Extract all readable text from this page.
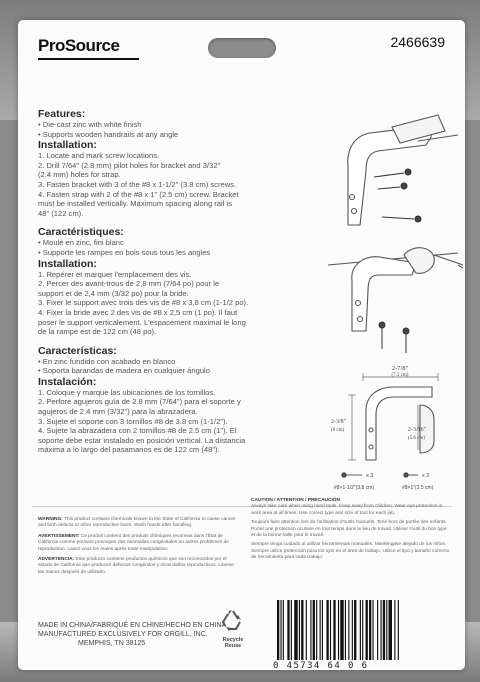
ProSource	2466639
Features:
• Die-cast zinc with white finish
• Supports wooden handrails at any angle
Installation:
1. Locate and mark screw locations.
2. Drill 7/64" (2.8 mm) pilot holes for bracket and 3/32"
(2.4 mm) holes for strap.
3. Fasten bracket with 3 of the #8 x 1-1/2" (3.8 cm) screws.
4. Fasten strap with 2 of the #8 x 1" (2.5 cm) screw. Bracket
must be installed vertically. Maximum spacing along rail is
48" (122 cm).
Caractéristiques:
• Moulé en zinc, fini blanc
• Supporte les rampes en bois sous tous les angles
Installation:
1. Repérer et marquer l'emplacement des vis.
2. Percer des avant-trous de 2,8 mm (7/64 po) pour le
support et de 2,4 mm (3/32 po) pour la bride.
3. Fixer le support avec trois des vis de #8 x 3,8 cm (1-1/2 po).
4. Fixer la bride avec 2 des vis de #8 x 2,5 cm (1 po). Il faut
poser le support verticalement. L'espacement maximal le long
de la rampe est de 122 cm (48 po).
Características:
• En zinc fundido con acabado en blanco
• Soporta barandas de madera en cualquier ángulo
Instalación:
1. Coloque y marque las ubicaciones de los tornillos.
2. Perfore agujeros guía de 2.8 mm (7/64") para el soporte y
agujeros de 2.4 mm (3/32") para la abrazadera.
3. Sujete el soporte con 3 tornillos #8 de 3.8 cm (1-1/2").
4. Sujete la abrazadera con 2 tornillos #8 de 2.5 cm (1"). El
soporte debe estar instalado en posición vertical. La distancia
máxima a lo largo del pasamanos es de 122 cm (48").
2-7/8"
(7.3 cm)
2-3/8"
(6 cm)	2-3/16"
(5.6 cm)
x 3	x 2
#8×1-1/2"(3.8 cm)	#8×1"(2.5 cm)
WARNING: This product contains chemicals known to the State of California to cause cancer and birth defects or other reproductive harm. Wash hands after handling.
AVERTISSEMENT: Ce produit contient des produits chimiques reconnus dans l'État de Californie comme pouvant provoquer des anomalies congénitales ou autres problèmes de reproduction. Lavez vous les mains après toute manipulation.
ADVERTENCIA: Este producto contiene productos químicos que son reconocidos por el estado de California que producen defectos congénitos y otros daños reproductivos. Lávese las manos después de utilizarlo.
CAUTION / ATTENTION / PRECAUCIÓN
Always take care when using hand tools. Keep away from children. Wear eye protection in work area at all times. Use correct type and size of tool for each job.
Toujours faire attention lors de l'utilisation d'outils manuels. Tenir hors de portée des enfants. Porter une protection oculaire en tout temps dans le lieu de travail. Utiliser l'outil du bon type et de la bonne taille pour le travail.
Siempre tenga cuidado al utilizar herramientas manuales. Manténgase alejado de los niños. Siempre utilice protección para los ojos en el área de trabajo. Utilice el tipo y tamaño correcto de herramienta para cada trabajo.
MADE IN CHINA/FABRIQUÉ EN CHINE/HECHO EN CHINA
MANUFACTURED EXCLUSIVELY FOR ORGILL, INC.
MEMPHIS, TN 38125	Recycle
Reuse
0 45734 64 0 6
